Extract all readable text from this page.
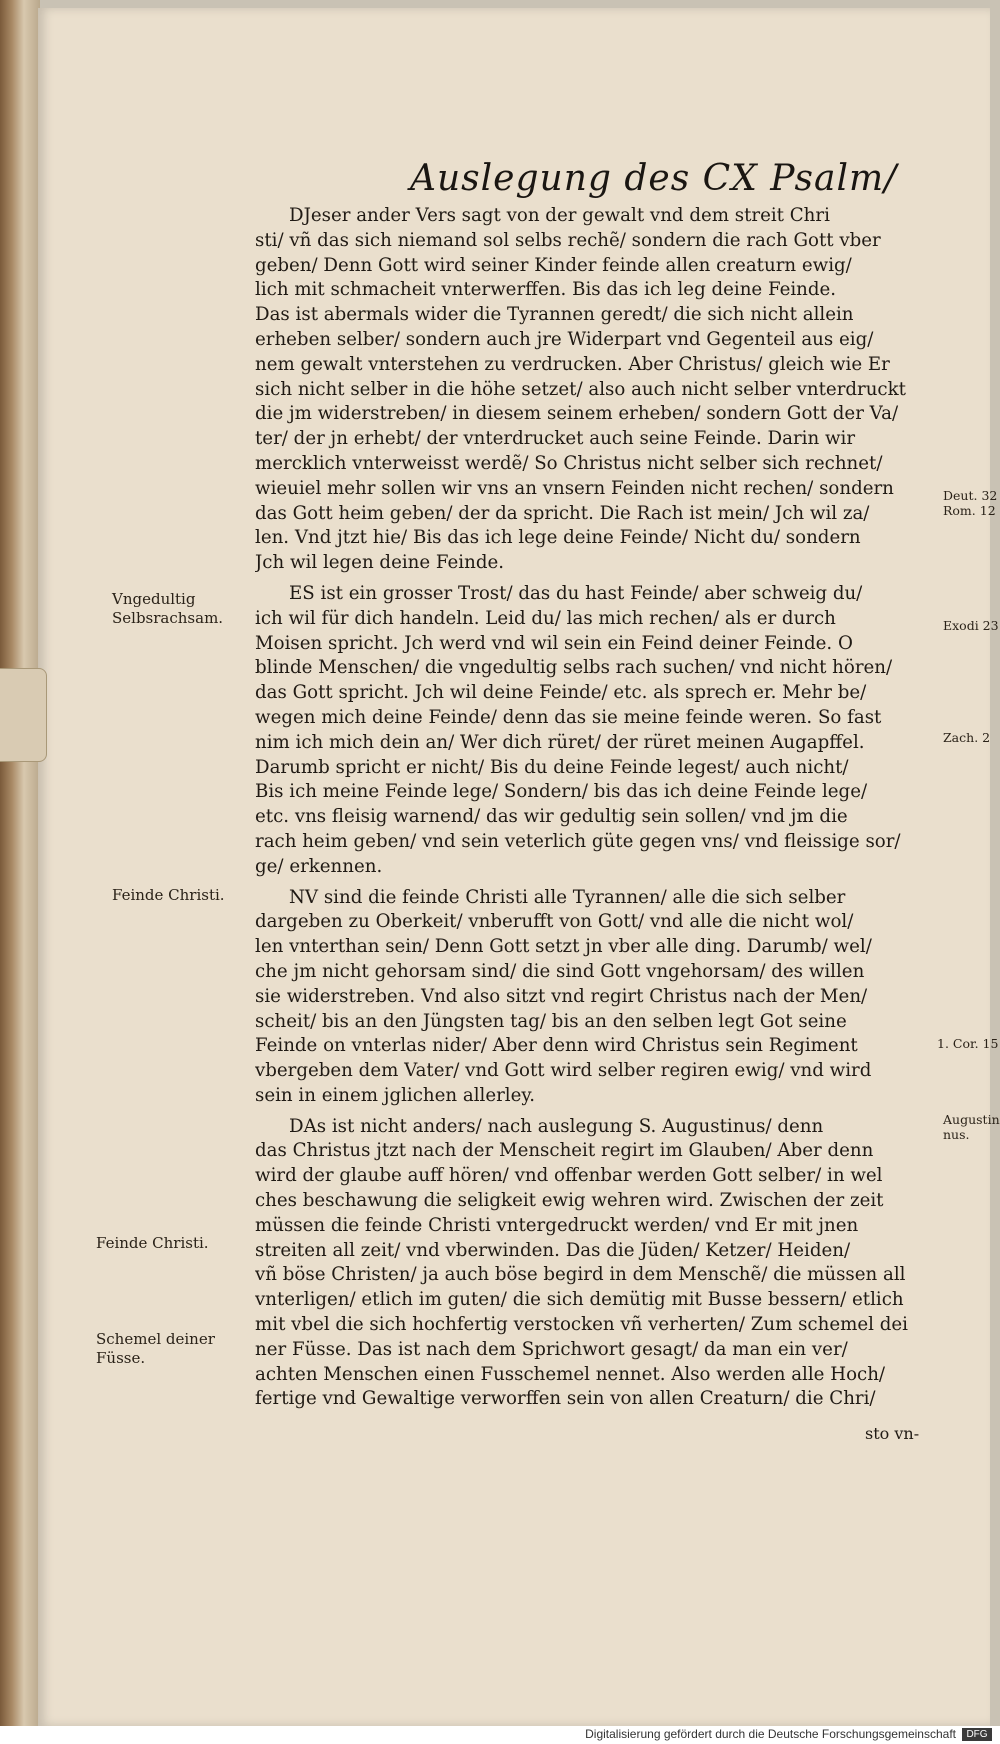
Auslegung des CX Psalm/
DJeser ander Vers sagt von der gewalt vnd dem streit Chri
sti/ vñ das sich niemand sol selbs rechẽ/ sondern die rach Gott vber
geben/ Denn Gott wird seiner Kinder feinde allen creaturn ewig/
lich mit schmacheit vnterwerffen. Bis das ich leg deine Feinde.
Das ist abermals wider die Tyrannen geredt/ die sich nicht allein
erheben selber/ sondern auch jre Widerpart vnd Gegenteil aus eig/
nem gewalt vnterstehen zu verdrucken. Aber Christus/ gleich wie Er
sich nicht selber in die höhe setzet/ also auch nicht selber vnterdruckt
die jm widerstreben/ in diesem seinem erheben/ sondern Gott der Va/
ter/ der jn erhebt/ der vnterdrucket auch seine Feinde. Darin wir
mercklich vnterweisst werdẽ/ So Christus nicht selber sich rechnet/
wieuiel mehr sollen wir vns an vnsern Feinden nicht rechen/ sondern
das Gott heim geben/ der da spricht. Die Rach ist mein/ Jch wil za/
len. Vnd jtzt hie/ Bis das ich lege deine Feinde/ Nicht du/ sondern
Jch wil legen deine Feinde.
ES ist ein grosser Trost/ das du hast Feinde/ aber schweig du/
ich wil für dich handeln. Leid du/ las mich rechen/ als er durch
Moisen spricht. Jch werd vnd wil sein ein Feind deiner Feinde. O
blinde Menschen/ die vngedultig selbs rach suchen/ vnd nicht hören/
das Gott spricht. Jch wil deine Feinde/ etc. als sprech er. Mehr be/
wegen mich deine Feinde/ denn das sie meine feinde weren. So fast
nim ich mich dein an/ Wer dich rüret/ der rüret meinen Augapffel.
Darumb spricht er nicht/ Bis du deine Feinde legest/ auch nicht/
Bis ich meine Feinde lege/ Sondern/ bis das ich deine Feinde lege/
etc. vns fleisig warnend/ das wir gedultig sein sollen/ vnd jm die
rach heim geben/ vnd sein veterlich güte gegen vns/ vnd fleissige sor/
ge/ erkennen.
NV sind die feinde Christi alle Tyrannen/ alle die sich selber
dargeben zu Oberkeit/ vnberufft von Gott/ vnd alle die nicht wol/
len vnterthan sein/ Denn Gott setzt jn vber alle ding. Darumb/ wel/
che jm nicht gehorsam sind/ die sind Gott vngehorsam/ des willen
sie widerstreben. Vnd also sitzt vnd regirt Christus nach der Men/
scheit/ bis an den Jüngsten tag/ bis an den selben legt Got seine
Feinde on vnterlas nider/ Aber denn wird Christus sein Regiment
vbergeben dem Vater/ vnd Gott wird selber regiren ewig/ vnd wird
sein in einem jglichen allerley.
DAs ist nicht anders/ nach auslegung S. Augustinus/ denn
das Christus jtzt nach der Menscheit regirt im Glauben/ Aber denn
wird der glaube auff hören/ vnd offenbar werden Gott selber/ in wel
ches beschawung die seligkeit ewig wehren wird. Zwischen der zeit
müssen die feinde Christi vntergedruckt werden/ vnd Er mit jnen
streiten all zeit/ vnd vberwinden. Das die Jüden/ Ketzer/ Heiden/
vñ böse Christen/ ja auch böse begird in dem Menschẽ/ die müssen all
vnterligen/ etlich im guten/ die sich demütig mit Busse bessern/ etlich
mit vbel die sich hochfertig verstocken vñ verherten/ Zum schemel dei
ner Füsse. Das ist nach dem Sprichwort gesagt/ da man ein ver/
achten Menschen einen Fusschemel nennet. Also werden alle Hoch/
fertige vnd Gewaltige verworffen sein von allen Creaturn/ die Chri/
Vngedultig
Selbsrachsam.
Feinde Christi.
Feinde Christi.
Schemel deiner
Füsse.
Deut. 32
Rom. 12
Exodi 23
Zach. 2
1. Cor. 15
Augustin
nus.
sto vn-
Digitalisierung gefördert durch die Deutsche Forschungsgemeinschaft	DFG
